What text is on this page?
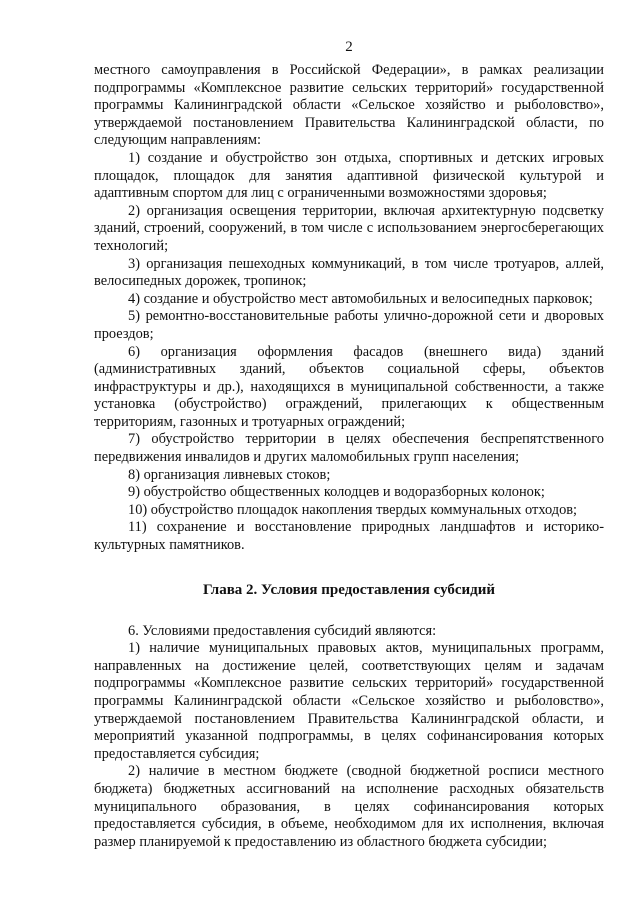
2

местного самоуправления в Российской Федерации», в рамках реализации подпрограммы «Комплексное развитие сельских территорий» государственной программы Калининградской области «Сельское хозяйство и рыболовство», утверждаемой постановлением Правительства Калининградской области, по следующим направлениям:

1) создание и обустройство зон отдыха, спортивных и детских игровых площадок, площадок для занятия адаптивной физической культурой и адаптивным спортом для лиц с ограниченными возможностями здоровья;

2) организация освещения территории, включая архитектурную подсветку зданий, строений, сооружений, в том числе с использованием энергосберегающих технологий;

3) организация пешеходных коммуникаций, в том числе тротуаров, аллей, велосипедных дорожек, тропинок;

4) создание и обустройство мест автомобильных и велосипедных парковок;

5) ремонтно-восстановительные работы улично-дорожной сети и дворовых проездов;

6) организация оформления фасадов (внешнего вида) зданий (административных зданий, объектов социальной сферы, объектов инфраструктуры и др.), находящихся в муниципальной собственности, а также установка (обустройство) ограждений, прилегающих к общественным территориям, газонных и тротуарных ограждений;

7) обустройство территории в целях обеспечения беспрепятственного передвижения инвалидов и других маломобильных групп населения;

8) организация ливневых стоков;

9) обустройство общественных колодцев и водоразборных колонок;

10) обустройство площадок накопления твердых коммунальных отходов;

11) сохранение и восстановление природных ландшафтов и историко-культурных памятников.

Глава 2. Условия предоставления субсидий

6. Условиями предоставления субсидий являются:

1) наличие муниципальных правовых актов, муниципальных программ, направленных на достижение целей, соответствующих целям и задачам подпрограммы «Комплексное развитие сельских территорий» государственной программы Калининградской области «Сельское хозяйство и рыболовство», утверждаемой постановлением Правительства Калининградской области, и мероприятий указанной подпрограммы, в целях софинансирования которых предоставляется субсидия;

2) наличие в местном бюджете (сводной бюджетной росписи местного бюджета) бюджетных ассигнований на исполнение расходных обязательств муниципального образования, в целях софинансирования которых предоставляется субсидия, в объеме, необходимом для их исполнения, включая размер планируемой к предоставлению из областного бюджета субсидии;
